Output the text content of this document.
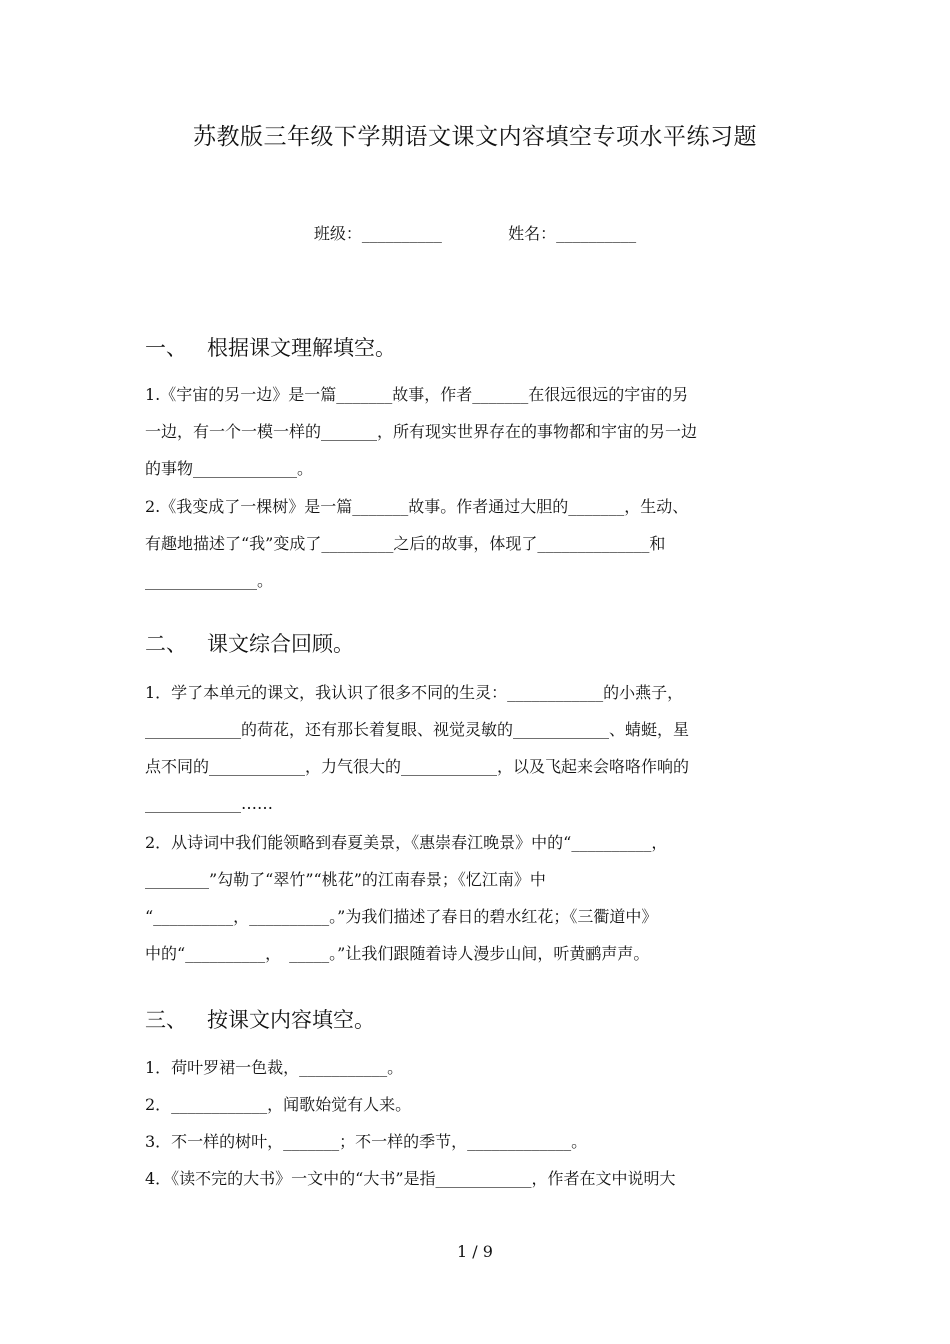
苏教版三年级下学期语文课文内容填空专项水平练习题
班级：__________	姓名：__________
一、 根据课文理解填空。
1.《宇宙的另一边》是一篇_______故事，作者_______在很远很远的宇宙的另
一边，有一个一模一样的_______，所有现实世界存在的事物都和宇宙的另一边
的事物_____________。
2.《我变成了一棵树》是一篇_______故事。作者通过大胆的_______，生动、
有趣地描述了“我”变成了_________之后的故事，体现了______________和
______________。
二、 课文综合回顾。
1．学了本单元的课文，我认识了很多不同的生灵：____________的小燕子，
____________的荷花，还有那长着复眼、视觉灵敏的____________、蜻蜓，星
点不同的____________，力气很大的____________，以及飞起来会咯咯作响的
____________……
2．从诗词中我们能领略到春夏美景，《惠崇春江晚景》中的“__________，
________”勾勒了“翠竹”“桃花”的江南春景；《忆江南》中
“__________，__________。”为我们描述了春日的碧水红花；《三衢道中》
中的“__________，　_____。”让我们跟随着诗人漫步山间，听黄鹂声声。
三、 按课文内容填空。
1．荷叶罗裙一色裁，___________。
2．____________，闻歌始觉有人来。
3．不一样的树叶，_______；不一样的季节，_____________。
4．《读不完的大书》一文中的“大书”是指____________，作者在文中说明大
1 / 9
